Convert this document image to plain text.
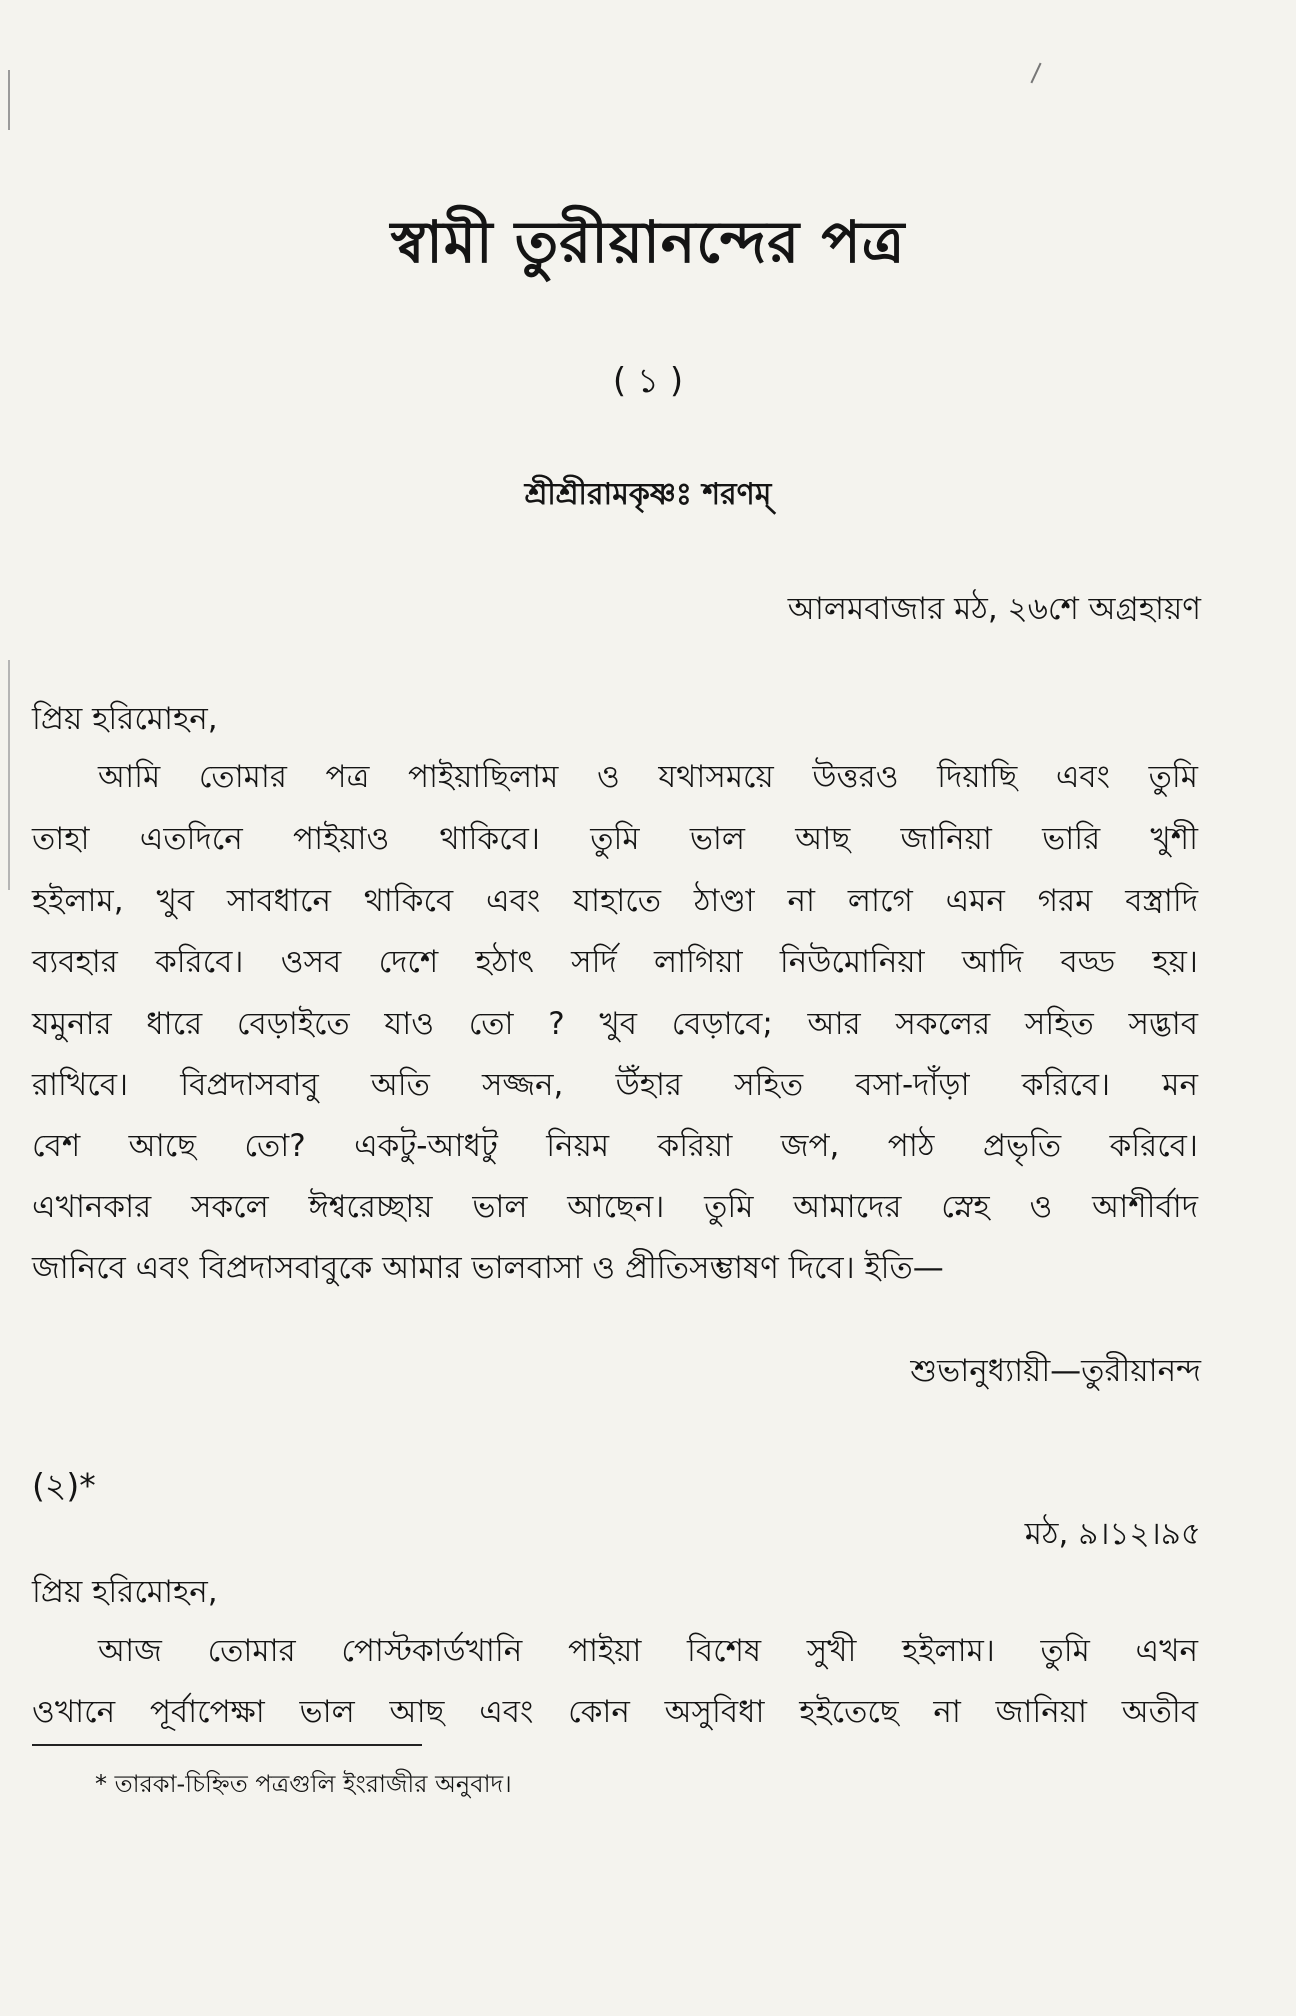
স্বামী তুরীয়ানন্দের পত্র
( ১ )
শ্রীশ্রীরামকৃষ্ণঃ শরণম্
আলমবাজার মঠ, ২৬শে অগ্রহায়ণ
প্রিয় হরিমোহন,
আমি তোমার পত্র পাইয়াছিলাম ও যথাসময়ে উত্তরও দিয়াছি এবং তুমি
তাহা এতদিনে পাইয়াও থাকিবে। তুমি ভাল আছ জানিয়া ভারি খুশী
হইলাম, খুব সাবধানে থাকিবে এবং যাহাতে ঠাণ্ডা না লাগে এমন গরম বস্ত্রাদি
ব্যবহার করিবে। ওসব দেশে হঠাৎ সর্দি লাগিয়া নিউমোনিয়া আদি বড্ড হয়।
যমুনার ধারে বেড়াইতে যাও তো ? খুব বেড়াবে; আর সকলের সহিত সদ্ভাব
রাখিবে। বিপ্রদাসবাবু অতি সজ্জন, উঁহার সহিত বসা-দাঁড়া করিবে। মন
বেশ আছে তো? একটু-আধটু নিয়ম করিয়া জপ, পাঠ প্রভৃতি করিবে।
এখানকার সকলে ঈশ্বরেচ্ছায় ভাল আছেন। তুমি আমাদের স্নেহ ও আশীর্বাদ
জানিবে এবং বিপ্রদাসবাবুকে আমার ভালবাসা ও প্রীতিসম্ভাষণ দিবে। ইতি—
শুভানুধ্যায়ী—তুরীয়ানন্দ
(২)*
মঠ, ৯।১২।৯৫
প্রিয় হরিমোহন,
আজ তোমার পোস্টকার্ডখানি পাইয়া বিশেষ সুখী হইলাম। তুমি এখন
ওখানে পূর্বাপেক্ষা ভাল আছ এবং কোন অসুবিধা হইতেছে না জানিয়া অতীব
* তারকা-চিহ্নিত পত্রগুলি ইংরাজীর অনুবাদ।
